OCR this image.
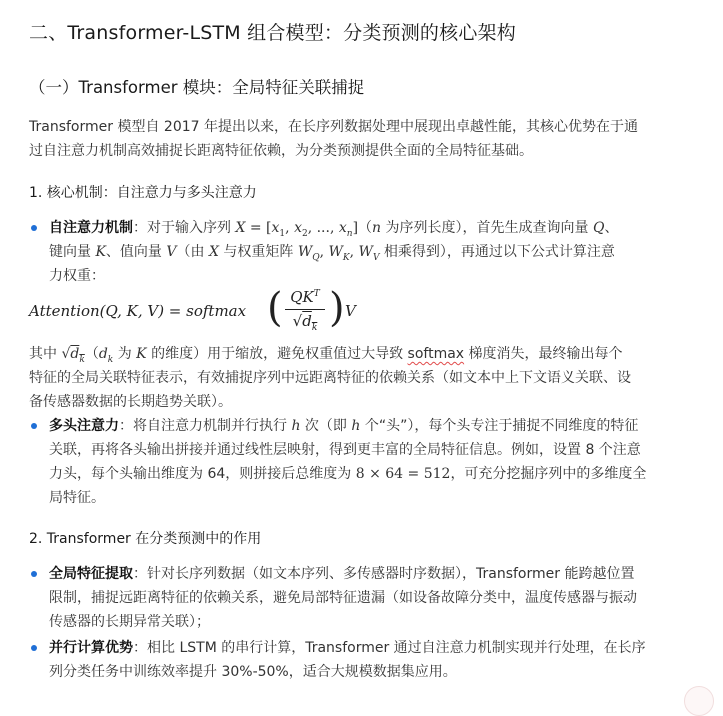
二、Transformer-LSTM 组合模型：分类预测的核心架构
（一）Transformer 模块：全局特征关联捕捉
Transformer 模型自 2017 年提出以来，在长序列数据处理中展现出卓越性能，其核心优势在于通
过自注意力机制高效捕捉长距离特征依赖，为分类预测提供全面的全局特征基础。
1. 核心机制：自注意力与多头注意力
自注意力机制：对于输入序列 $X = [x_1$, $x_2$, ..., $x_n](n$ 为序列长度），首先生成查询向量 Q、
键向量 K、值向量 V（由 X 与权重矩阵 $W_Q$, $W_K$, $W_V$ 相乘得到），再通过以下公式计算注意
力权重：
Attention(Q, K, V) = softmax ( $QK^T$
$√d_k$ ) V
其中 $√d_k(d_k$ 为 K 的维度）用于缩放，避免权重值过大导致 softmax 梯度消失，最终输出每个
特征的全局关联特征表示，有效捕捉序列中远距离特征的依赖关系（如文本中上下文语义关联、设
备传感器数据的长期趋势关联）。
多头注意力：将自注意力机制并行执行 h 次（即 h 个“头”），每个头专注于捕捉不同维度的特征
关联，再将各头输出拼接并通过线性层映射，得到更丰富的全局特征信息。例如，设置 8 个注意
力头，每个头输出维度为 64，则拼接后总维度为 8 × 64 = 512，可充分挖掘序列中的多维度全
局特征。
2. Transformer 在分类预测中的作用
全局特征提取：针对长序列数据（如文本序列、多传感器时序数据），Transformer 能跨越位置
限制，捕捉远距离特征的依赖关系，避免局部特征遗漏（如设备故障分类中，温度传感器与振动
传感器的长期异常关联）；
并行计算优势：相比 LSTM 的串行计算，Transformer 通过自注意力机制实现并行处理，在长序
列分类任务中训练效率提升 30%-50%，适合大规模数据集应用。
